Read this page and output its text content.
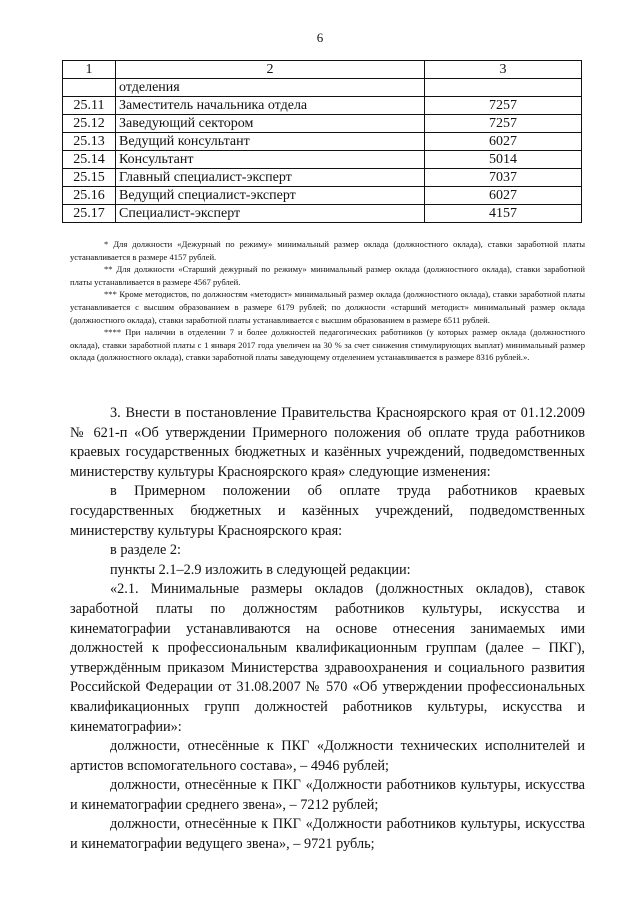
6
1	2	3
	отделения	
25.11	Заместитель начальника отдела	7257
25.12	Заведующий сектором	7257
25.13	Ведущий консультант	6027
25.14	Консультант	5014
25.15	Главный специалист-эксперт	7037
25.16	Ведущий специалист-эксперт	6027
25.17	Специалист-эксперт	4157

* Для должности «Дежурный по режиму» минимальный размер оклада (должностного оклада), ставки заработной платы устанавливается в размере 4157 рублей.

** Для должности «Старший дежурный по режиму» минимальный размер оклада (должностного оклада), ставки заработной платы устанавливается в размере 4567 рублей.

*** Кроме методистов, по должностям «методист» минимальный размер оклада (должностного оклада), ставки заработной платы устанавливается с высшим образованием в размере 6179 рублей; по должности «старший методист» минимальный размер оклада (должностного оклада), ставки заработной платы устанавливается с высшим образованием в размере 6511 рублей.

**** При наличии в отделении 7 и более должностей педагогических работников (у которых размер оклада (должностного оклада), ставки заработной платы с 1 января 2017 года увеличен на 30 % за счет снижения стимулирующих выплат) минимальный размер оклада (должностного оклада), ставки заработной платы заведующему отделением устанавливается в размере 8316 рублей.».

3. Внести в постановление Правительства Красноярского края от 01.12.2009 № 621-п «Об утверждении Примерного положения об оплате труда работников краевых государственных бюджетных и казённых учреждений, подведомственных министерству культуры Красноярского края» следующие изменения:

в Примерном положении об оплате труда работников краевых государственных бюджетных и казённых учреждений, подведомственных министерству культуры Красноярского края:

в разделе 2:

пункты 2.1–2.9 изложить в следующей редакции:

«2.1. Минимальные размеры окладов (должностных окладов), ставок заработной платы по должностям работников культуры, искусства и кинематографии устанавливаются на основе отнесения занимаемых ими должностей к профессиональным квалификационным группам (далее – ПКГ), утверждённым приказом Министерства здравоохранения и социального развития Российской Федерации от 31.08.2007 № 570 «Об утверждении профессиональных квалификационных групп должностей работников культуры, искусства и кинематографии»:

должности, отнесённые к ПКГ «Должности технических исполнителей и артистов вспомогательного состава», – 4946 рублей;

должности, отнесённые к ПКГ «Должности работников культуры, искусства и кинематографии среднего звена», – 7212 рублей;

должности, отнесённые к ПКГ «Должности работников культуры, искусства и кинематографии ведущего звена», – 9721 рубль;
